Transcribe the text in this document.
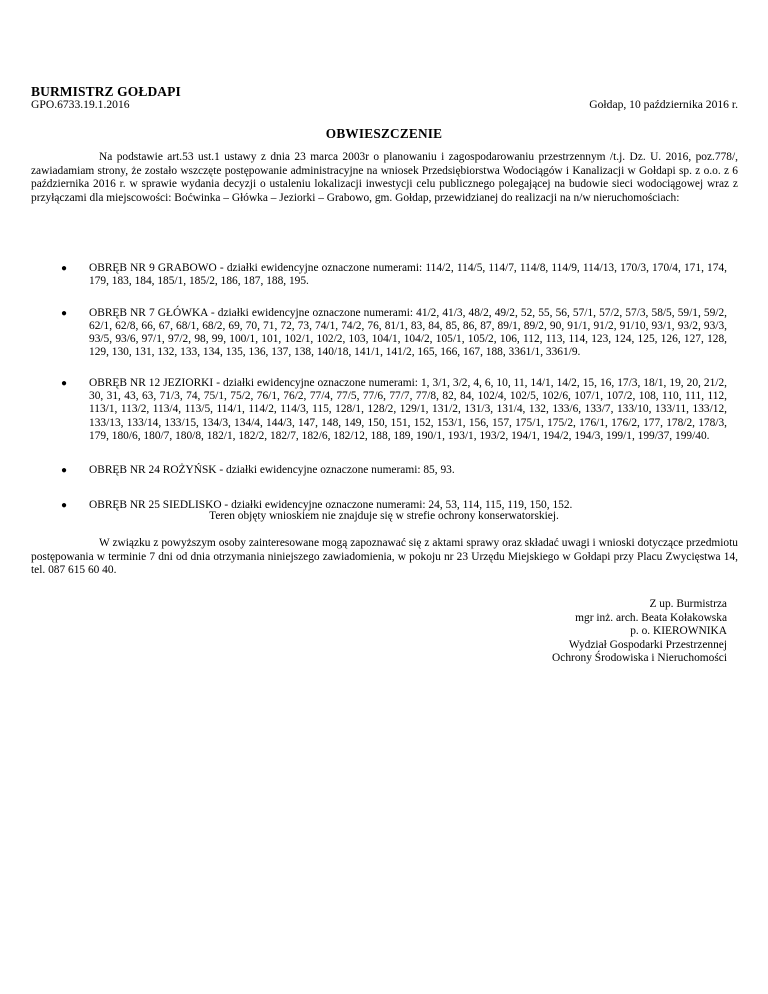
BURMISTRZ GOŁDAPI
GPO.6733.19.1.2016	Gołdap, 10 października 2016 r.
OBWIESZCZENIE

Na podstawie art.53 ust.1 ustawy z dnia 23 marca 2003r o planowaniu i zagospodarowaniu przestrzennym /t.j. Dz. U. 2016, poz.778/, zawiadamiam strony, że zostało wszczęte postępowanie administracyjne na wniosek Przedsiębiorstwa Wodociągów i Kanalizacji w Gołdapi sp. z o.o. z 6 października 2016 r. w sprawie wydania decyzji o ustaleniu lokalizacji inwestycji celu publicznego polegającej na budowie sieci wodociągowej wraz z przyłączami dla miejscowości: Boćwinka – Główka – Jeziorki – Grabowo, gm. Gołdap, przewidzianej do realizacji na n/w nieruchomościach:

● OBRĘB NR 9 GRABOWO - działki ewidencyjne oznaczone numerami: 114/2, 114/5, 114/7, 114/8, 114/9, 114/13, 170/3, 170/4, 171, 174, 179, 183, 184, 185/1, 185/2, 186, 187, 188, 195.
● OBRĘB NR 7 GŁÓWKA - działki ewidencyjne oznaczone numerami: 41/2, 41/3, 48/2, 49/2, 52, 55, 56, 57/1, 57/2, 57/3, 58/5, 59/1, 59/2, 62/1, 62/8, 66, 67, 68/1, 68/2, 69, 70, 71, 72, 73, 74/1, 74/2, 76, 81/1, 83, 84, 85, 86, 87, 89/1, 89/2, 90, 91/1, 91/2, 91/10, 93/1, 93/2, 93/3, 93/5, 93/6, 97/1, 97/2, 98, 99, 100/1, 101, 102/1, 102/2, 103, 104/1, 104/2, 105/1, 105/2, 106, 112, 113, 114, 123, 124, 125, 126, 127, 128, 129, 130, 131, 132, 133, 134, 135, 136, 137, 138, 140/18, 141/1, 141/2, 165, 166, 167, 188, 3361/1, 3361/9.
● OBRĘB NR 12 JEZIORKI - działki ewidencyjne oznaczone numerami: 1, 3/1, 3/2, 4, 6, 10, 11, 14/1, 14/2, 15, 16, 17/3, 18/1, 19, 20, 21/2, 30, 31, 43, 63, 71/3, 74, 75/1, 75/2, 76/1, 76/2, 77/4, 77/5, 77/6, 77/7, 77/8, 82, 84, 102/4, 102/5, 102/6, 107/1, 107/2, 108, 110, 111, 112, 113/1, 113/2, 113/4, 113/5, 114/1, 114/2, 114/3, 115, 128/1, 128/2, 129/1, 131/2, 131/3, 131/4, 132, 133/6, 133/7, 133/10, 133/11, 133/12, 133/13, 133/14, 133/15, 134/3, 134/4, 144/3, 147, 148, 149, 150, 151, 152, 153/1, 156, 157, 175/1, 175/2, 176/1, 176/2, 177, 178/2, 178/3, 179, 180/6, 180/7, 180/8, 182/1, 182/2, 182/7, 182/6, 182/12, 188, 189, 190/1, 193/1, 193/2, 194/1, 194/2, 194/3, 199/1, 199/37, 199/40.
● OBRĘB NR 24 ROŻYŃSK - działki ewidencyjne oznaczone numerami: 85, 93.
● OBRĘB NR 25 SIEDLISKO - działki ewidencyjne oznaczone numerami: 24, 53, 114, 115, 119, 150, 152.
Teren objęty wnioskiem nie znajduje się w strefie ochrony konserwatorskiej.

W związku z powyższym osoby zainteresowane mogą zapoznawać się z aktami sprawy oraz składać uwagi i wnioski dotyczące przedmiotu postępowania w terminie 7 dni od dnia otrzymania niniejszego zawiadomienia, w pokoju nr 23 Urzędu Miejskiego w Gołdapi przy Placu Zwycięstwa 14, tel. 087 615 60 40.

Z up. Burmistrza
mgr inż. arch. Beata Kołakowska
p. o. KIEROWNIKA
Wydział Gospodarki Przestrzennej
Ochrony Środowiska i Nieruchomości
